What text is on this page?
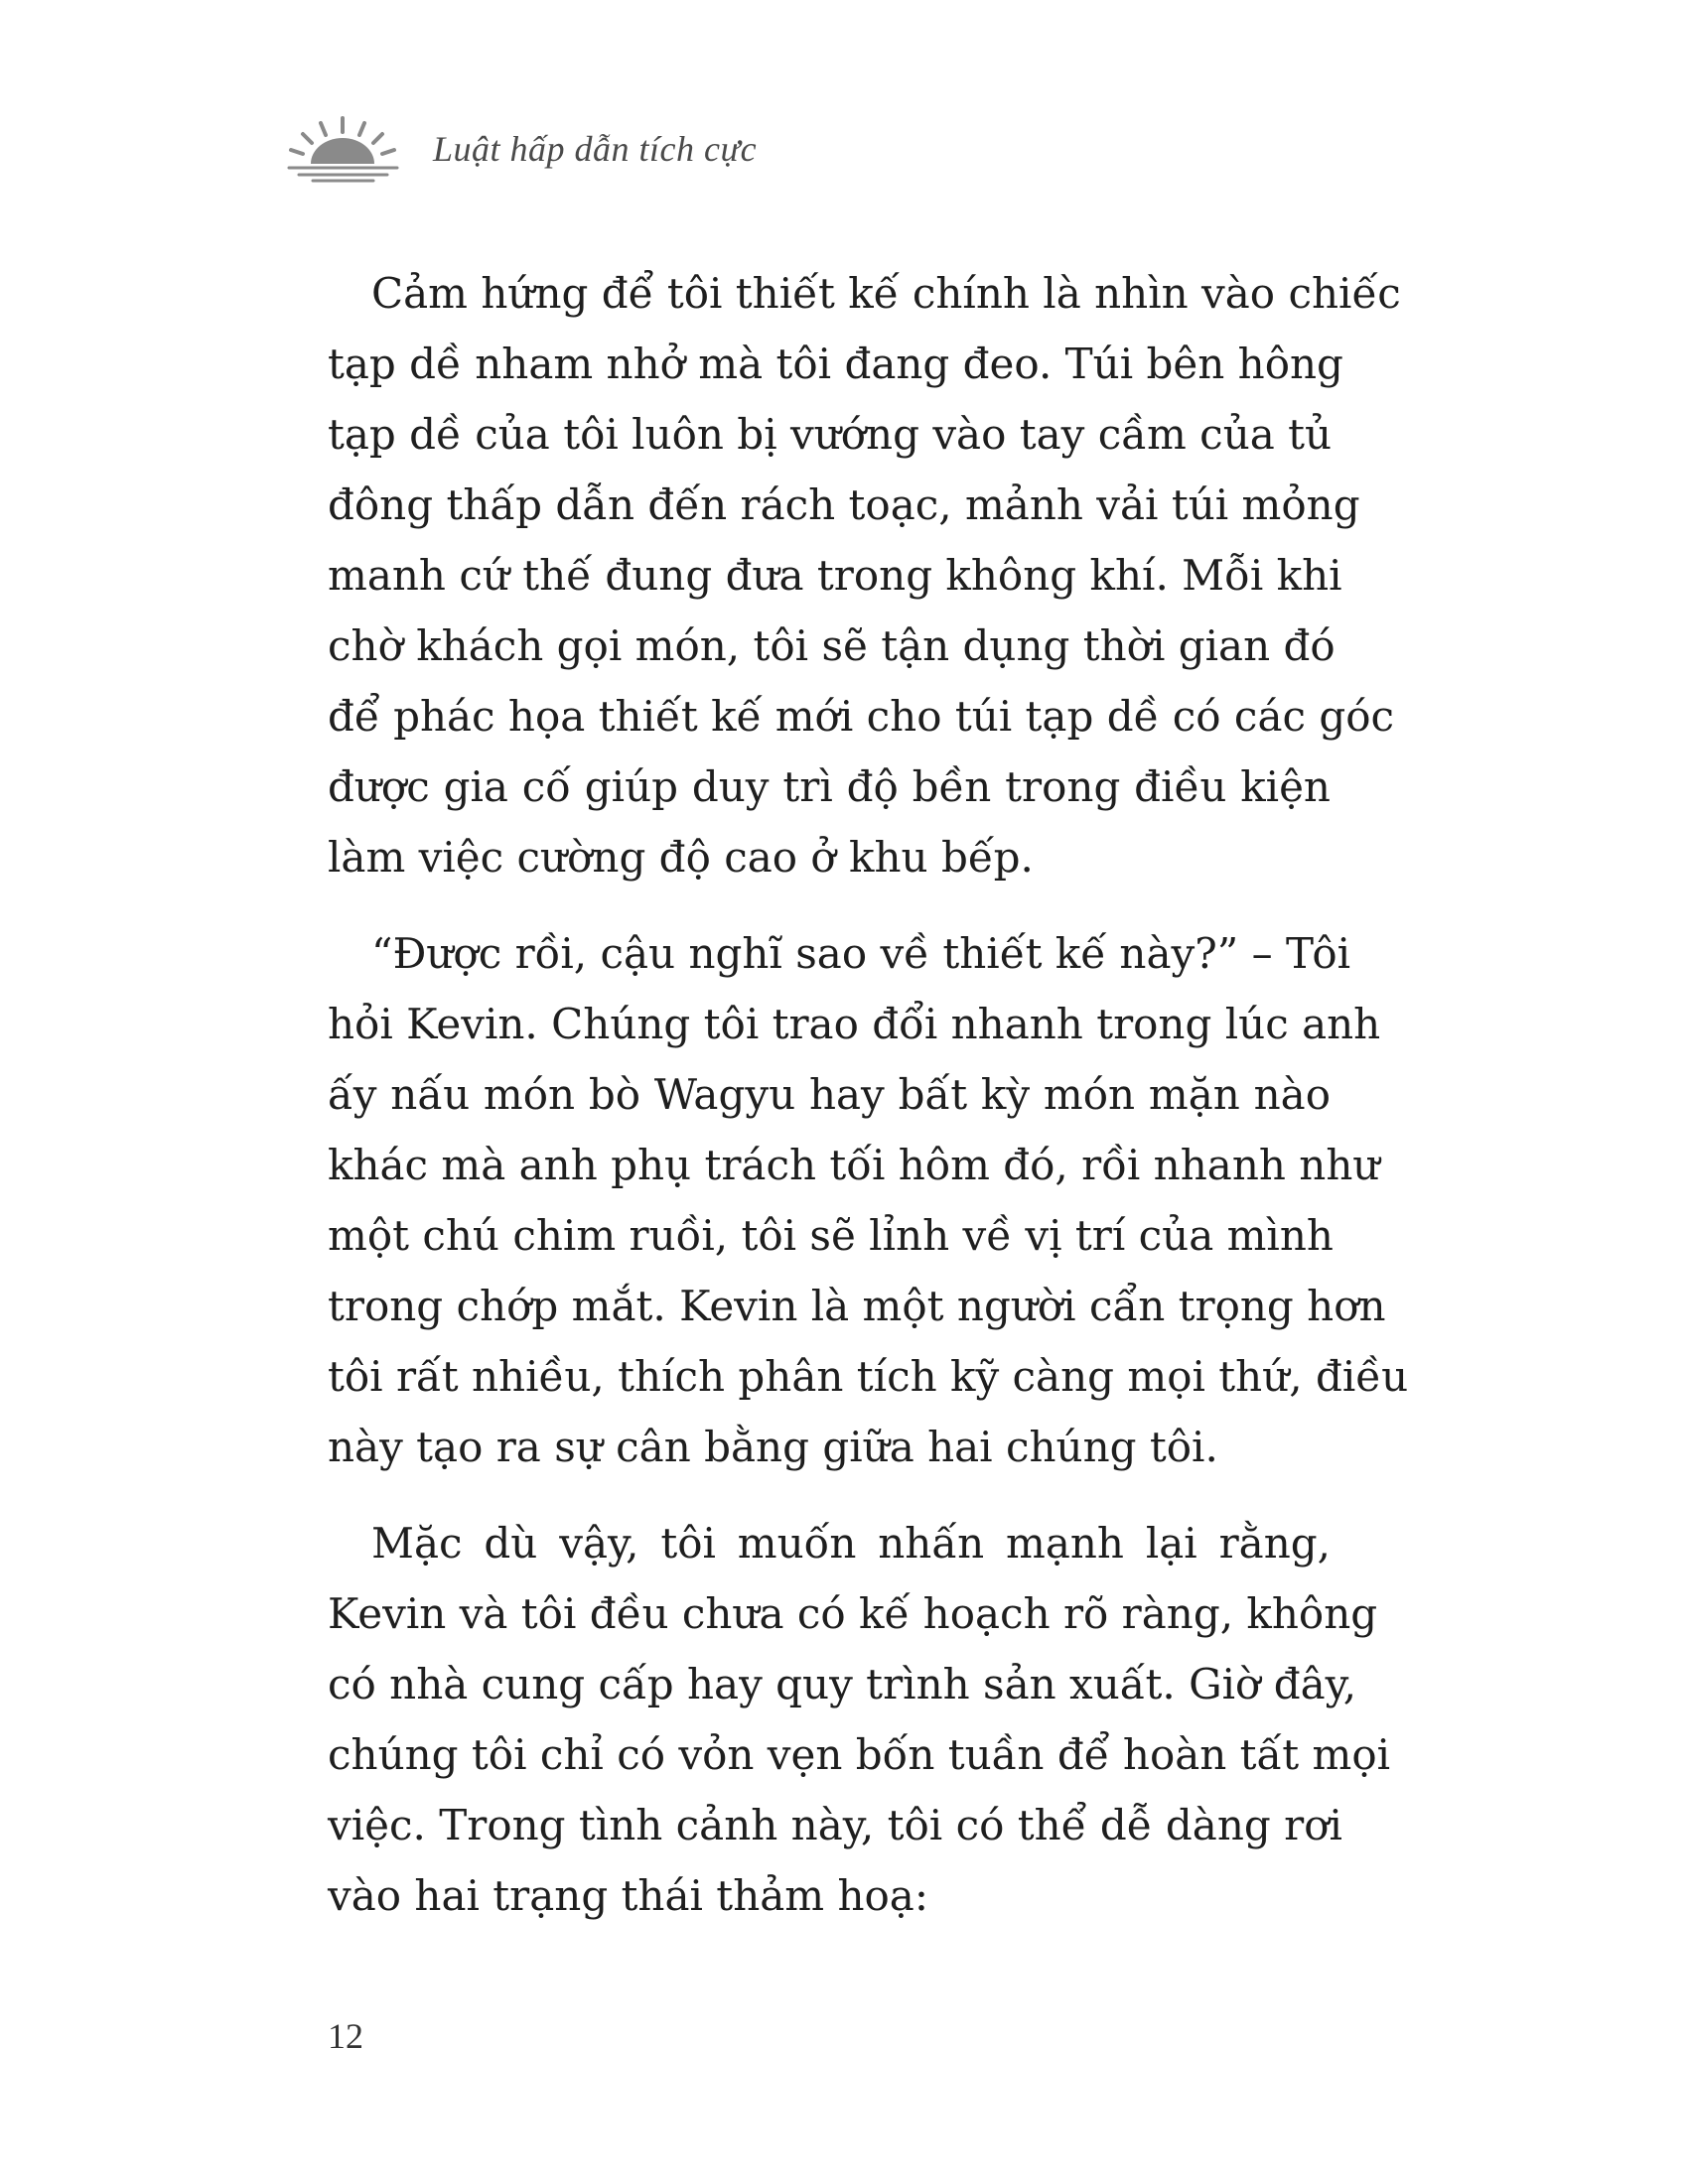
Luật hấp dẫn tích cực
Cảm hứng để tôi thiết kế chính là nhìn vào chiếc
tạp dề nham nhở mà tôi đang đeo. Túi bên hông
tạp dề của tôi luôn bị vướng vào tay cầm của tủ
đông thấp dẫn đến rách toạc, mảnh vải túi mỏng
manh cứ thế đung đưa trong không khí. Mỗi khi
chờ khách gọi món, tôi sẽ tận dụng thời gian đó
để phác họa thiết kế mới cho túi tạp dề có các góc
được gia cố giúp duy trì độ bền trong điều kiện
làm việc cường độ cao ở khu bếp.
“Được rồi, cậu nghĩ sao về thiết kế này?” – Tôi
hỏi Kevin. Chúng tôi trao đổi nhanh trong lúc anh
ấy nấu món bò Wagyu hay bất kỳ món mặn nào
khác mà anh phụ trách tối hôm đó, rồi nhanh như
một chú chim ruồi, tôi sẽ lỉnh về vị trí của mình
trong chớp mắt. Kevin là một người cẩn trọng hơn
tôi rất nhiều, thích phân tích kỹ càng mọi thứ, điều
này tạo ra sự cân bằng giữa hai chúng tôi.
Mặc dù vậy, tôi muốn nhấn mạnh lại rằng,
Kevin và tôi đều chưa có kế hoạch rõ ràng, không
có nhà cung cấp hay quy trình sản xuất. Giờ đây,
chúng tôi chỉ có vỏn vẹn bốn tuần để hoàn tất mọi
việc. Trong tình cảnh này, tôi có thể dễ dàng rơi
vào hai trạng thái thảm hoạ:
12
